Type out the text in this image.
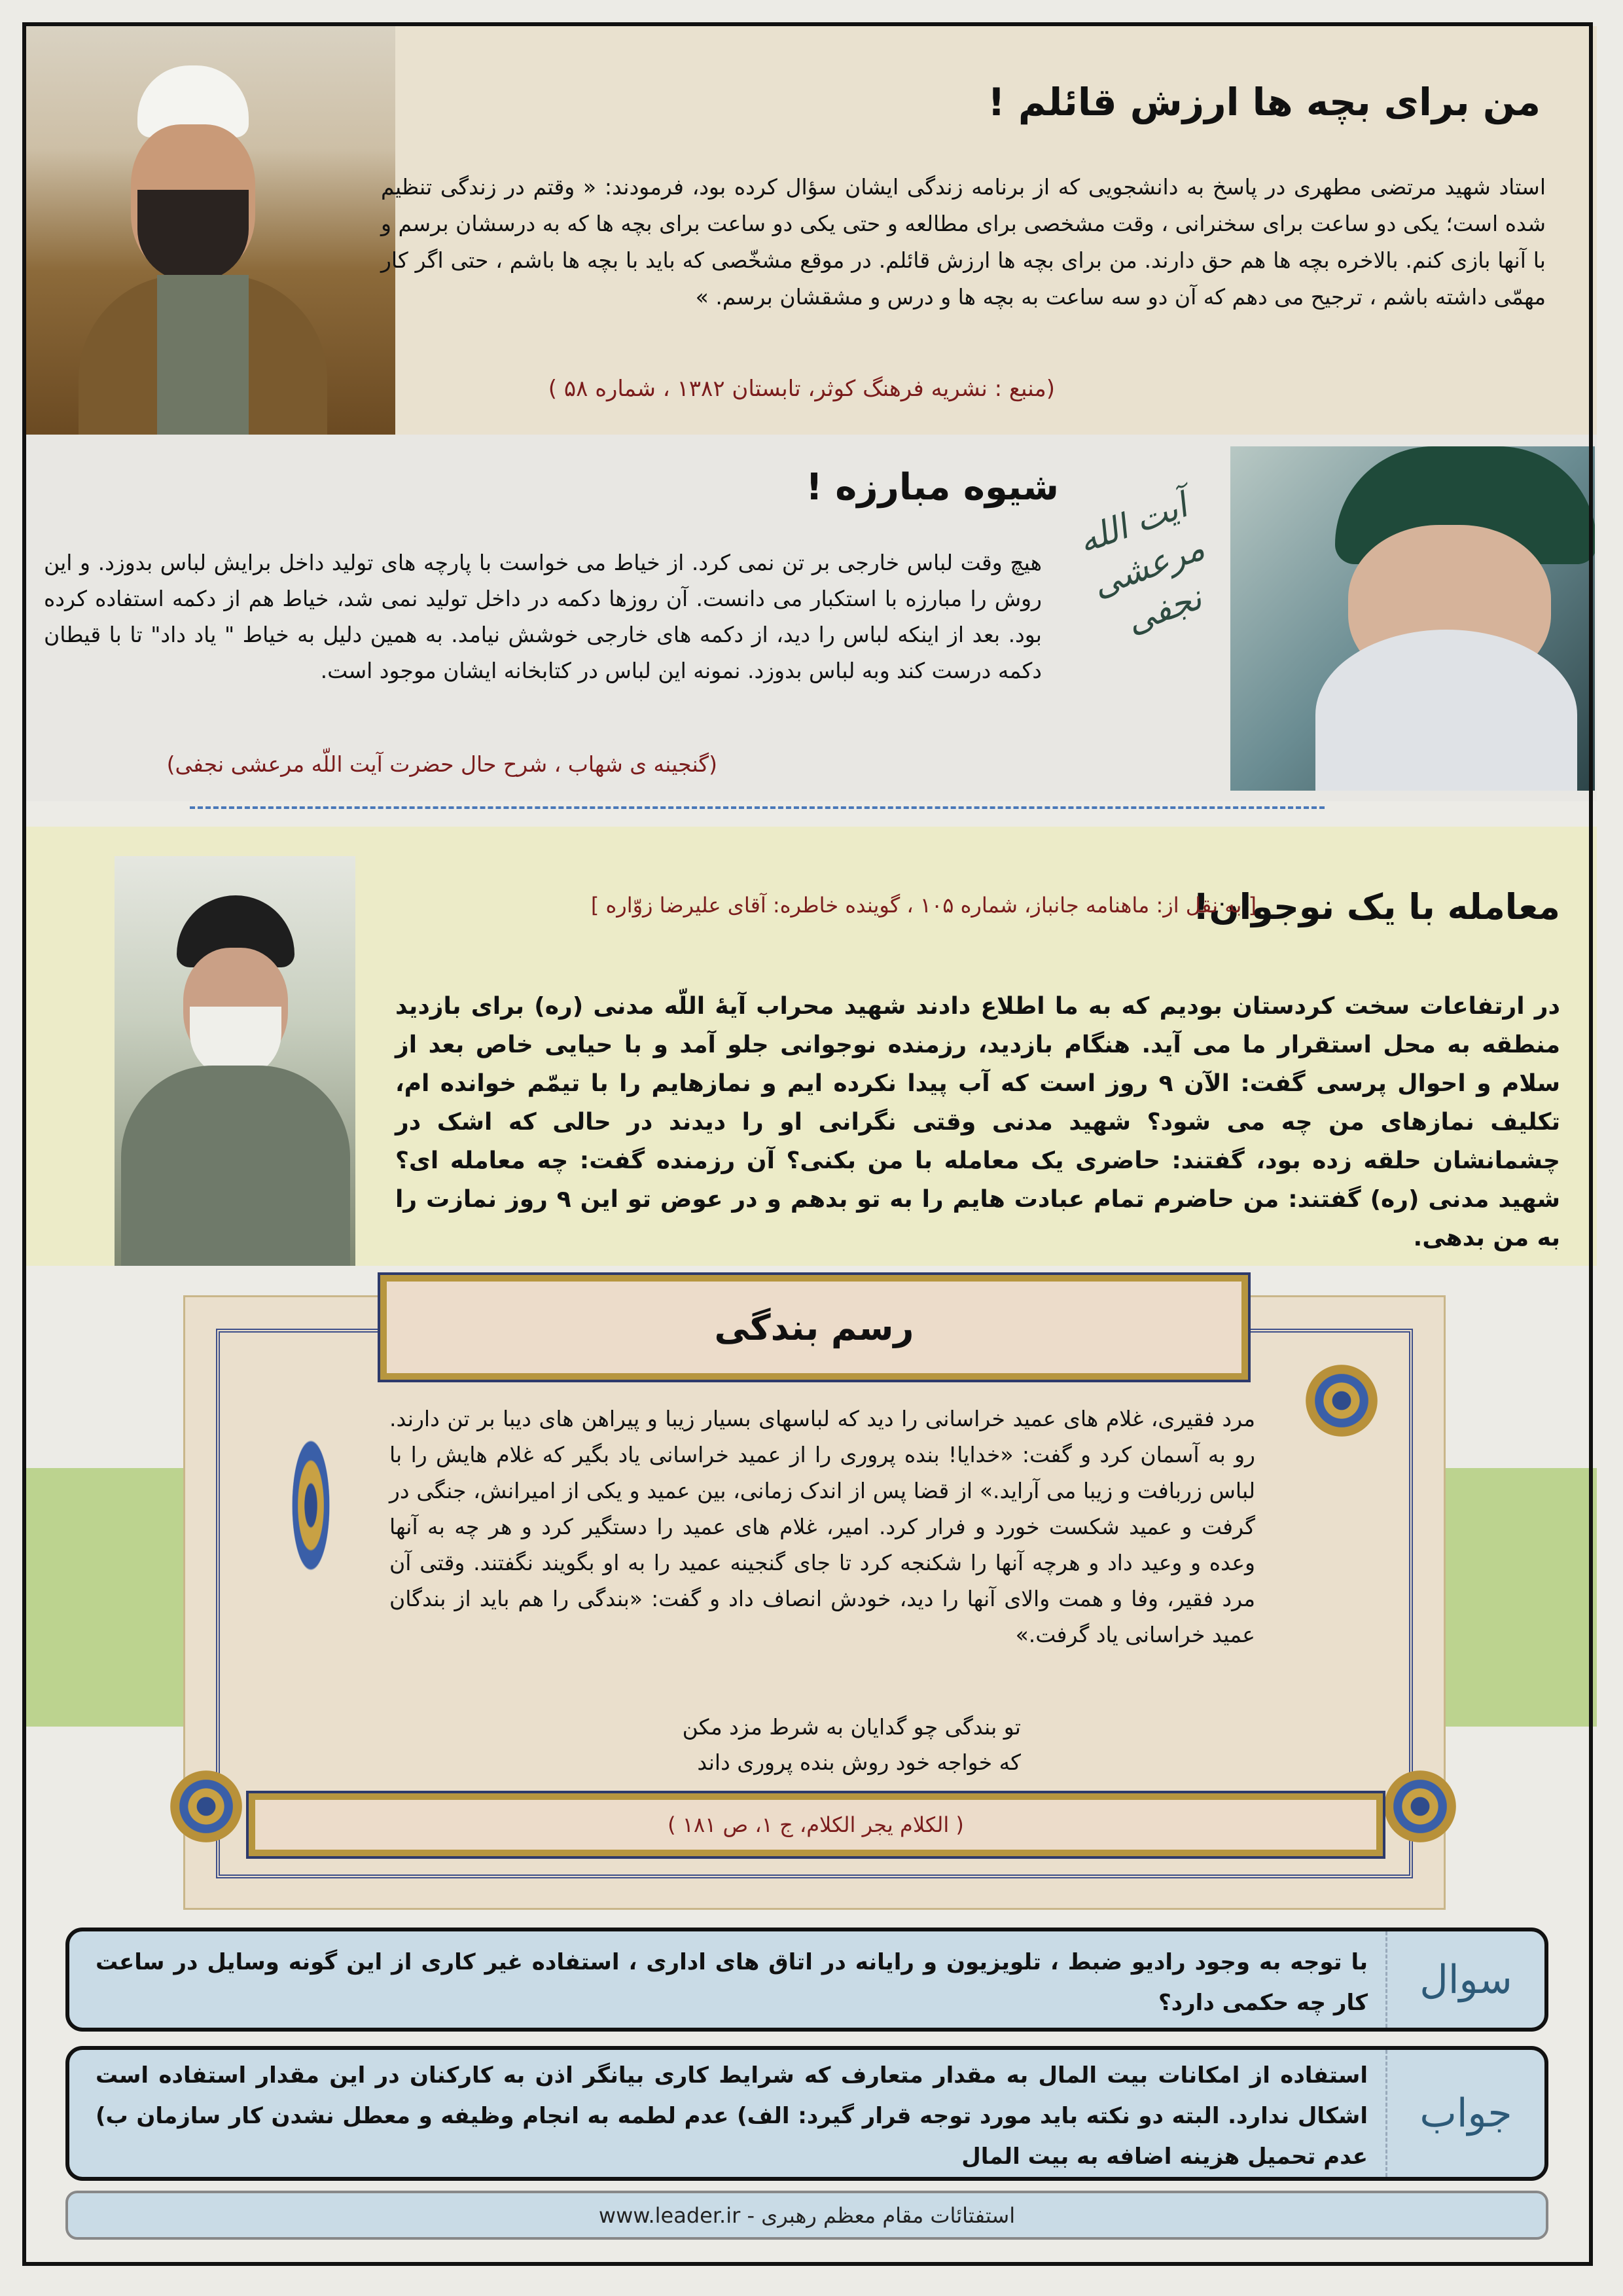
من برای بچه ها ارزش قائلم !
استاد شهید مرتضی مطهری در پاسخ به دانشجویی که از برنامه زندگی ایشان سؤال کرده بود، فرمودند: « وقتم در زندگی تنظیم شده است؛ یکی دو ساعت برای سخنرانی ، وقت مشخصی برای مطالعه و حتی یکی دو ساعت برای بچه ها که به درسشان برسم و با آنها بازی کنم. بالاخره بچه ها هم حق دارند. من برای بچه ها ارزش قائلم. در موقع مشخّصی که باید با بچه ها باشم ، حتی اگر کار مهمّی داشته باشم ، ترجیح می دهم که آن دو سه ساعت به بچه ها و درس و مشقشان برسم. »
(منبع : نشریه فرهنگ کوثر، تابستان ۱۳۸۲ ، شماره ۵۸ )
آیت الله مرعشی نجفی
شیوه مبارزه !
هیچ وقت لباس خارجی بر تن نمی کرد. از خیاط می خواست با پارچه های تولید داخل برایش لباس بدوزد. و این روش را مبارزه با استکبار می دانست. آن روزها دکمه در داخل تولید نمی شد، خیاط هم از دکمه استفاده کرده بود. بعد از اینکه لباس را دید، از دکمه های خارجی خوشش نیامد. به همین دلیل به خیاط " یاد داد" تا با قیطان دکمه درست کند وبه لباس بدوزد. نمونه این لباس در کتابخانه ایشان موجود است.
(گنجینه ی شهاب ، شرح حال حضرت آیت اللّه مرعشی نجفی)
معامله با یک نوجوان!
[ به نقل از: ماهنامه جانباز، شماره ۱۰۵ ، گوینده خاطره: آقای علیرضا زوّاره ]
در ارتفاعات سخت کردستان بودیم که به ما اطلاع دادند شهید محراب آیهٔ اللّه مدنی (ره) برای بازدید منطقه به محل استقرار ما می آید. هنگام بازدید، رزمنده نوجوانی جلو آمد و با حیایی خاص بعد از سلام و احوال پرسی گفت: الآن ۹ روز است که آب پیدا نکرده ایم و نمازهایم را با تیمّم خوانده ام، تکلیف نمازهای من چه می شود؟ شهید مدنی وقتی نگرانی او را دیدند در حالی که اشک در چشمانشان حلقه زده بود، گفتند: حاضری یک معامله با من بکنی؟ آن رزمنده گفت: چه معامله ای؟ شهید مدنی (ره) گفتند: من حاضرم تمام عبادت هایم را به تو بدهم و در عوض تو این ۹ روز نمازت را به من بدهی.
رسم بندگی
مرد فقیری، غلام های عمید خراسانی را دید که لباسهای بسیار زیبا و پیراهن های دیبا بر تن دارند. رو به آسمان کرد و گفت: «خدایا! بنده پروری را از عمید خراسانی یاد بگیر که غلام هایش را با لباس زربافت و زیبا می آراید.» از قضا پس از اندک زمانی، بین عمید و یکی از امیرانش، جنگی در گرفت و عمید شکست خورد و فرار کرد. امیر، غلام های عمید را دستگیر کرد و هر چه به آنها وعده و وعید داد و هرچه آنها را شکنجه کرد تا جای گنجینه عمید را به او بگویند نگفتند. وقتی آن مرد فقیر، وفا و همت والای آنها را دید، خودش انصاف داد و گفت: «بندگی را هم باید از بندگان عمید خراسانی یاد گرفت.»
تو بندگی چو گدایان به شرط مزد مکن
که خواجه خود روش بنده پروری داند
( الکلام یجر الکلام، ج ۱، ص ۱۸۱ )
سوال
با توجه به وجود رادیو ضبط ، تلویزیون و رایانه در اتاق های اداری ، استفاده غیر کاری از این گونه وسایل در ساعت کار چه حکمی دارد؟
جواب
استفاده از امکانات بیت المال به مقدار متعارف که شرایط کاری بیانگر اذن به کارکنان در این مقدار استفاده است اشکال ندارد. البته دو نکته باید مورد توجه قرار گیرد: الف) عدم لطمه به انجام وظیفه و معطل نشدن کار سازمان ب) عدم تحمیل هزینه اضافه به بیت المال
استفتائات مقام معظم رهبری - www.leader.ir
